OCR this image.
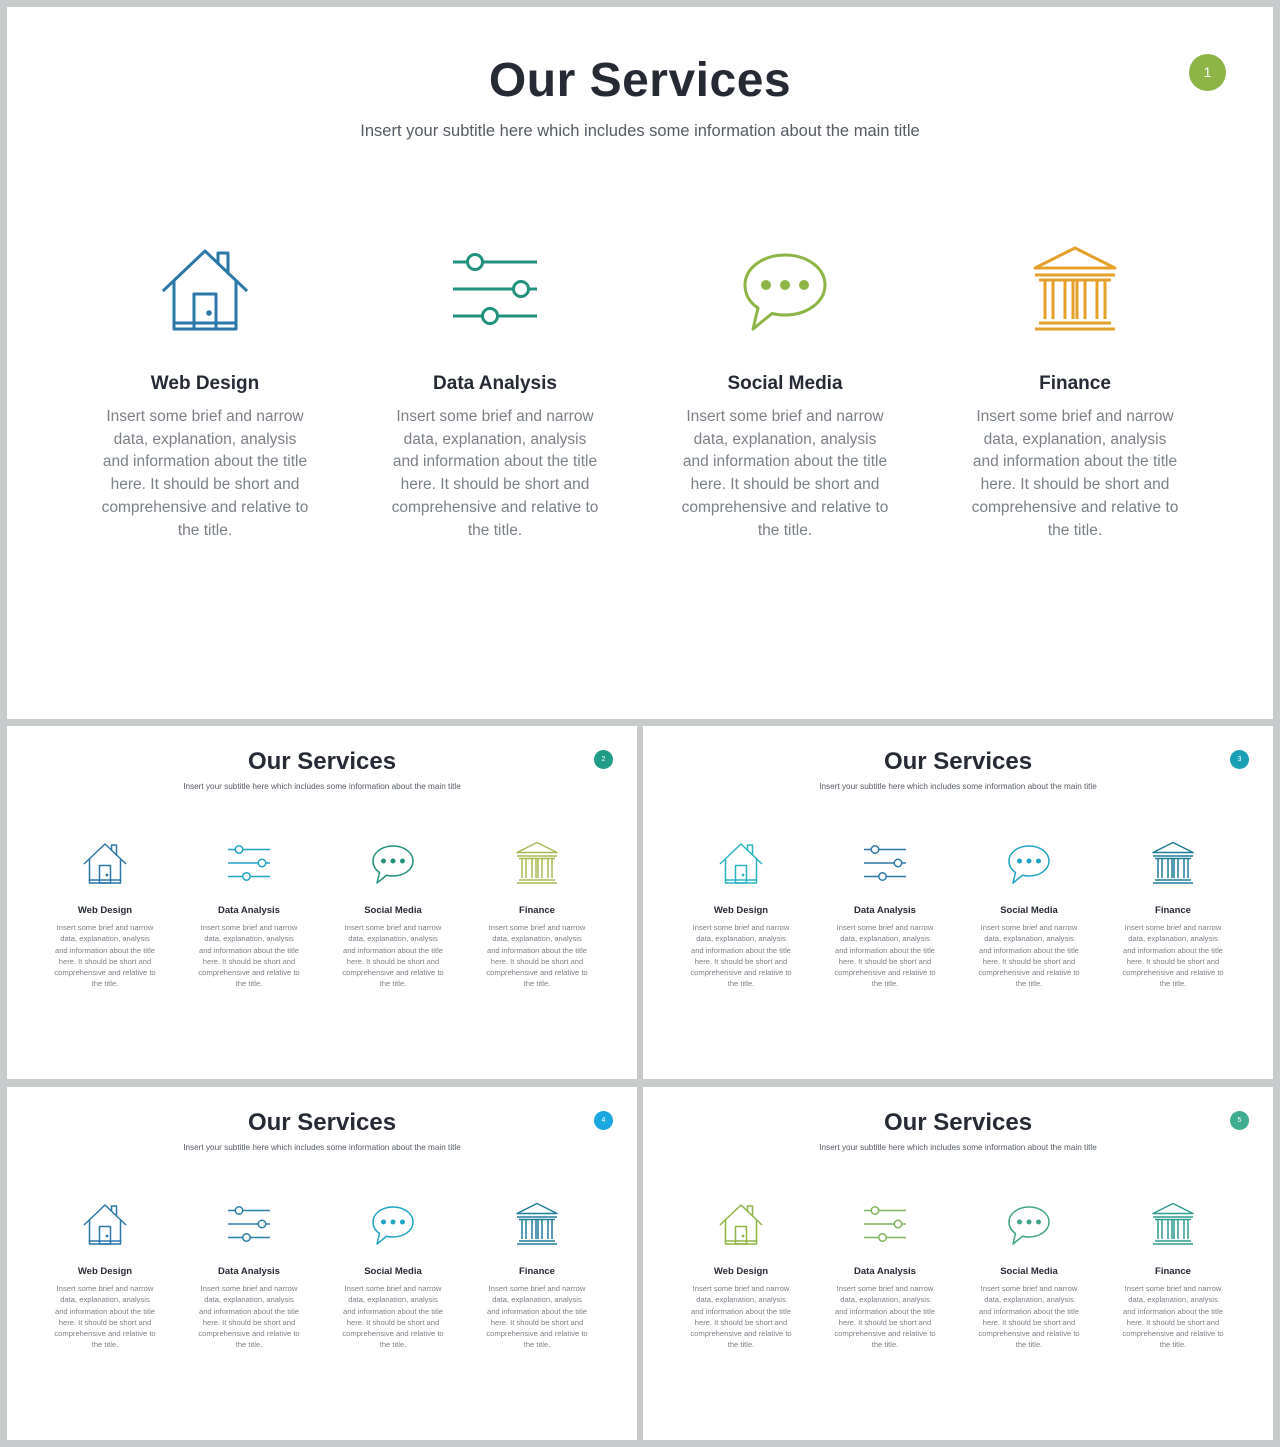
Our Services

Insert your subtitle here which includes some information about the main title

1
Web Design
Insert some brief and narrow data, explanation, analysis and information about the title here. It should be short and comprehensive and relative to the title.
Data Analysis
Insert some brief and narrow data, explanation, analysis and information about the title here. It should be short and comprehensive and relative to the title.
Social Media
Insert some brief and narrow data, explanation, analysis and information about the title here. It should be short and comprehensive and relative to the title.
Finance
Insert some brief and narrow data, explanation, analysis and information about the title here. It should be short and comprehensive and relative to the title.
Our Services

Insert your subtitle here which includes some information about the main title

2
Web Design
Insert some brief and narrow data, explanation, analysis and information about the title here. It should be short and comprehensive and relative to the title.
Data Analysis
Insert some brief and narrow data, explanation, analysis and information about the title here. It should be short and comprehensive and relative to the title.
Social Media
Insert some brief and narrow data, explanation, analysis and information about the title here. It should be short and comprehensive and relative to the title.
Finance
Insert some brief and narrow data, explanation, analysis and information about the title here. It should be short and comprehensive and relative to the title.
Our Services

Insert your subtitle here which includes some information about the main title

3
Web Design
Insert some brief and narrow data, explanation, analysis and information about the title here. It should be short and comprehensive and relative to the title.
Data Analysis
Insert some brief and narrow data, explanation, analysis and information about the title here. It should be short and comprehensive and relative to the title.
Social Media
Insert some brief and narrow data, explanation, analysis and information about the title here. It should be short and comprehensive and relative to the title.
Finance
Insert some brief and narrow data, explanation, analysis and information about the title here. It should be short and comprehensive and relative to the title.
Our Services

Insert your subtitle here which includes some information about the main title

4
Web Design
Insert some brief and narrow data, explanation, analysis and information about the title here. It should be short and comprehensive and relative to the title.
Data Analysis
Insert some brief and narrow data, explanation, analysis and information about the title here. It should be short and comprehensive and relative to the title.
Social Media
Insert some brief and narrow data, explanation, analysis and information about the title here. It should be short and comprehensive and relative to the title.
Finance
Insert some brief and narrow data, explanation, analysis and information about the title here. It should be short and comprehensive and relative to the title.
Our Services

Insert your subtitle here which includes some information about the main title

5
Web Design
Insert some brief and narrow data, explanation, analysis and information about the title here. It should be short and comprehensive and relative to the title.
Data Analysis
Insert some brief and narrow data, explanation, analysis and information about the title here. It should be short and comprehensive and relative to the title.
Social Media
Insert some brief and narrow data, explanation, analysis and information about the title here. It should be short and comprehensive and relative to the title.
Finance
Insert some brief and narrow data, explanation, analysis and information about the title here. It should be short and comprehensive and relative to the title.
